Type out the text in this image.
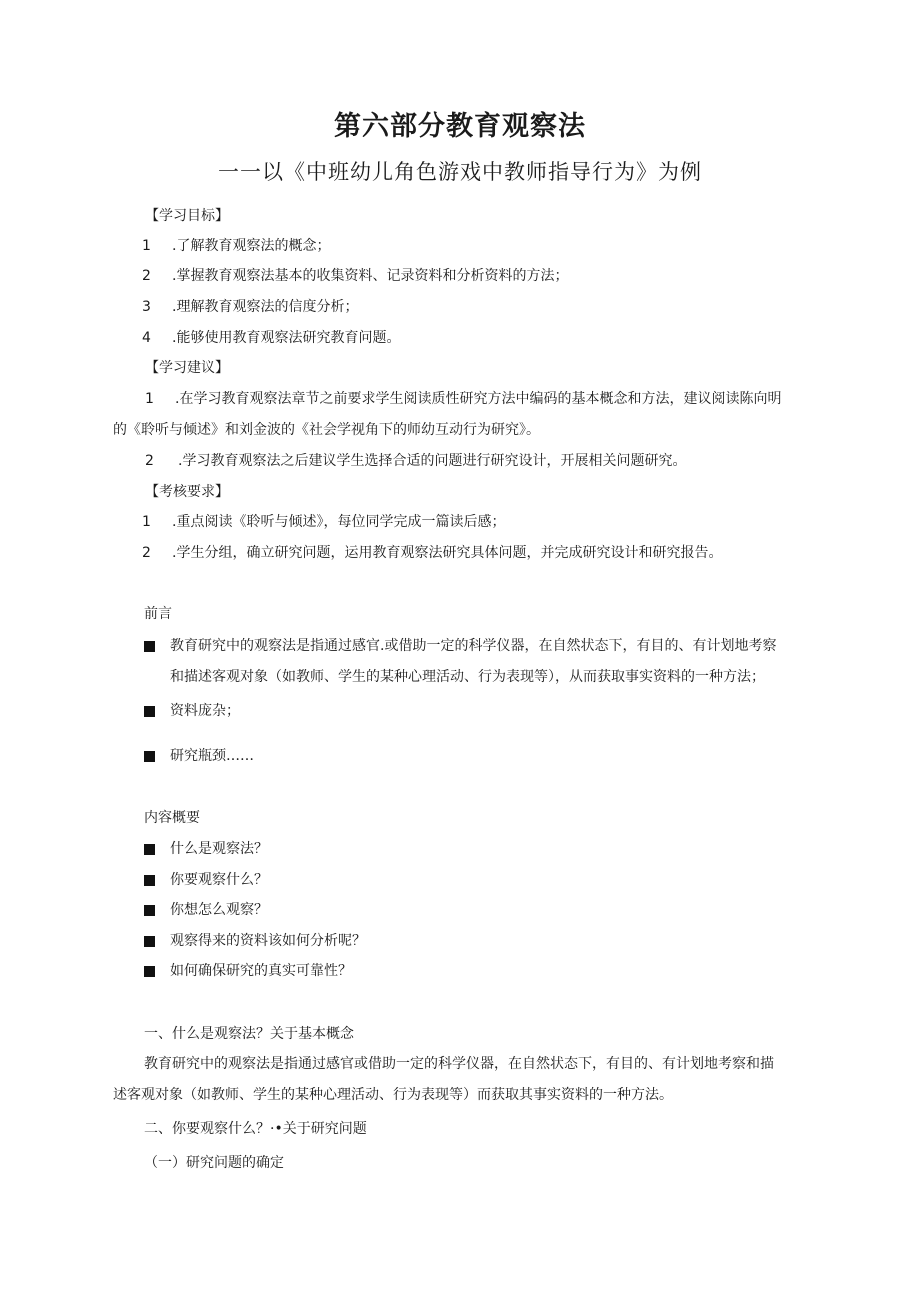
第六部分教育观察法
一一以《中班幼儿角色游戏中教师指导行为》为例
【学习目标】
1 .了解教育观察法的概念；
2 .掌握教育观察法基本的收集资料、记录资料和分析资料的方法；
3 .理解教育观察法的信度分析；
4 .能够使用教育观察法研究教育问题。
【学习建议】
1 .在学习教育观察法章节之前要求学生阅读质性研究方法中编码的基本概念和方法，建议阅读陈向明
的《聆听与倾述》和刘金波的《社会学视角下的师幼互动行为研究》。
2 .学习教育观察法之后建议学生选择合适的问题进行研究设计，开展相关问题研究。
【考核要求】
1 .重点阅读《聆听与倾述》，每位同学完成一篇读后感；
2 .学生分组，确立研究问题，运用教育观察法研究具体问题，并完成研究设计和研究报告。
前言
教育研究中的观察法是指通过感官.或借助一定的科学仪器，在自然状态下，有目的、有计划地考察
和描述客观对象（如教师、学生的某种心理活动、行为表现等），从而获取事实资料的一种方法；
资料庞杂；
研究瓶颈……
内容概要
什么是观察法？
你要观察什么？
你想怎么观察？
观察得来的资料该如何分析呢？
如何确保研究的真实可靠性？
一、什么是观察法？关于基本概念
教育研究中的观察法是指通过感官或借助一定的科学仪器，在自然状态下，有目的、有计划地考察和描
述客观对象（如教师、学生的某种心理活动、行为表现等）而获取其事实资料的一种方法。
二、你要观察什么？·•关于研究问题
（一）研究问题的确定
